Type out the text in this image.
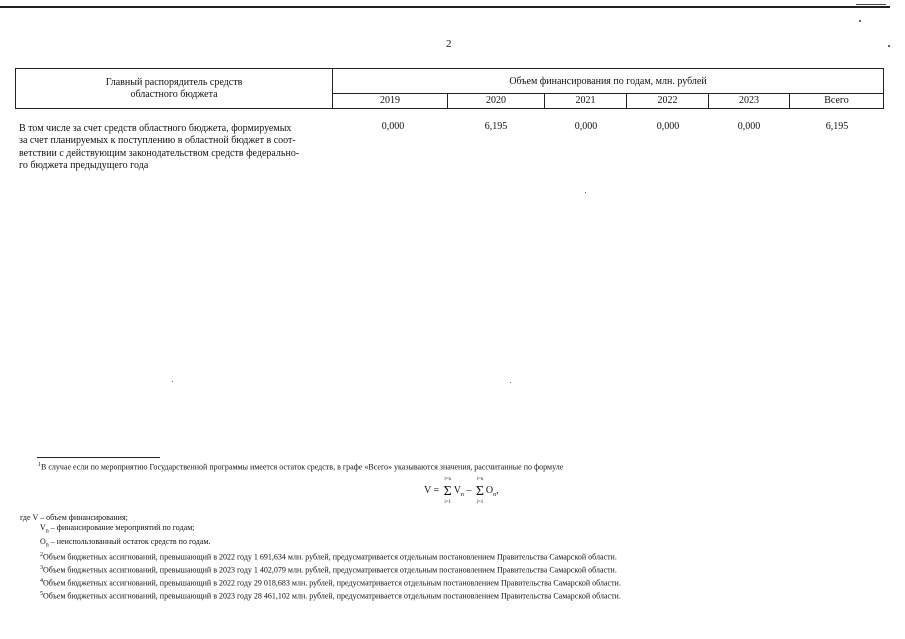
2
Главный распорядитель средств
областного бюджета	Объем финансирования по годам, млн. рублей					
	2019	2020	2021	2022	2023	Всего
В том числе за счет средств областного бюджета, формируемых
за счет планируемых к поступлению в областной бюджет в соот-
ветствии с действующим законодательством средств федерально-
го бюджета предыдущего года
0,000	6,195	0,000	0,000	0,000	6,195
$^1$В случае если по мероприятию Государственной программы имеется остаток средств, в графе «Всего» указываются значения, рассчитанные по формуле
V = Σ
i=n
i=1
$V_n$ – Σ
i=n
i=1
$O_n$,
где V – объем финансирования;
$V_n$ – финансирование мероприятий по годам;
$O_n$ – неиспользованный остаток средств по годам.
$^2$Объем бюджетных ассигнований, превышающий в 2022 году 1 691,634 млн. рублей, предусматривается отдельным постановлением Правительства Самарской области.
$^3$Объем бюджетных ассигнований, превышающий в 2023 году 1 402,079 млн. рублей, предусматривается отдельным постановлением Правительства Самарской области.
$^4$Объем бюджетных ассигнований, превышающий в 2022 году 29 018,683 млн. рублей, предусматривается отдельным постановлением Правительства Самарской области.
$^5$Объем бюджетных ассигнований, превышающий в 2023 году 28 461,102 млн. рублей, предусматривается отдельным постановлением Правительства Самарской области.
